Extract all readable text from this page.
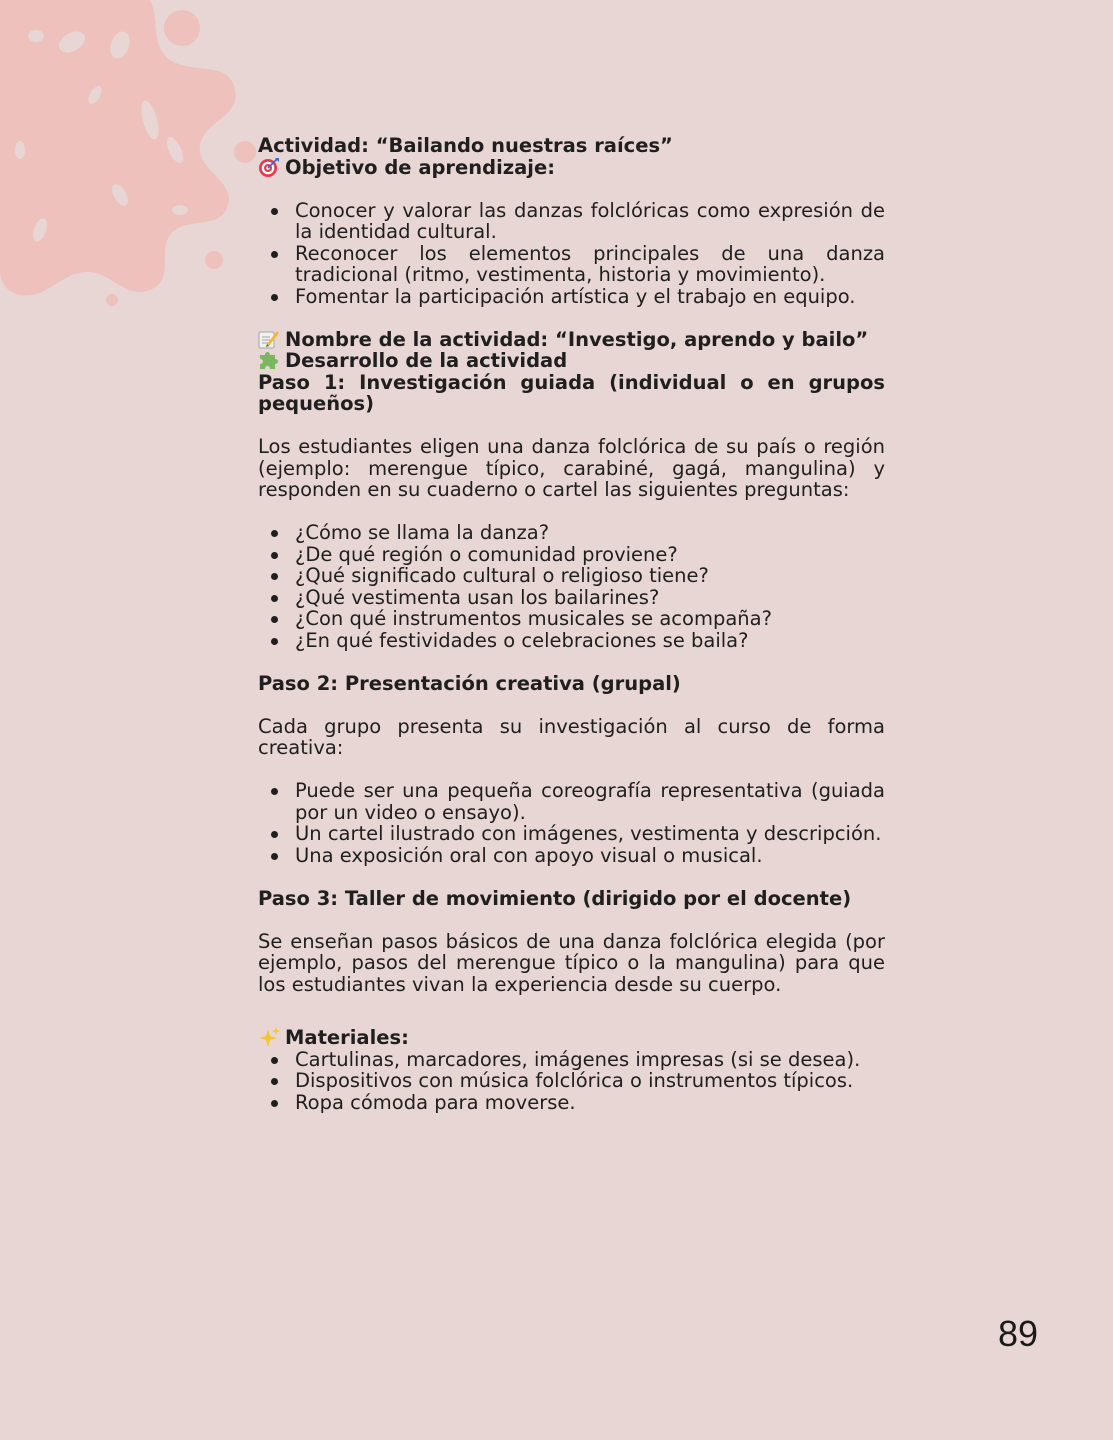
Actividad: “Bailando nuestras raíces”

Objetivo de aprendizaje:

Conocer y valorar las danzas folclóricas como expresión de la identidad cultural.
Reconocer los elementos principales de una danza tradicional (ritmo, vestimenta, historia y movimiento).
Fomentar la participación artística y el trabajo en equipo.

Nombre de la actividad: “Investigo, aprendo y bailo”

Desarrollo de la actividad

Paso 1: Investigación guiada (individual o en grupos pequeños)

Los estudiantes eligen una danza folclórica de su país o región (ejemplo: merengue típico, carabiné, gagá, mangulina) y responden en su cuaderno o cartel las siguientes preguntas:

¿Cómo se llama la danza?
¿De qué región o comunidad proviene?
¿Qué significado cultural o religioso tiene?
¿Qué vestimenta usan los bailarines?
¿Con qué instrumentos musicales se acompaña?
¿En qué festividades o celebraciones se baila?

Paso 2: Presentación creativa (grupal)

Cada grupo presenta su investigación al curso de forma creativa:

Puede ser una pequeña coreografía representativa (guiada por un video o ensayo).
Un cartel ilustrado con imágenes, vestimenta y descripción.
Una exposición oral con apoyo visual o musical.

Paso 3: Taller de movimiento (dirigido por el docente)

Se enseñan pasos básicos de una danza folclórica elegida (por ejemplo, pasos del merengue típico o la mangulina) para que los estudiantes vivan la experiencia desde su cuerpo.

Materiales:

Cartulinas, marcadores, imágenes impresas (si se desea).
Dispositivos con música folclórica o instrumentos típicos.
Ropa cómoda para moverse.
89
